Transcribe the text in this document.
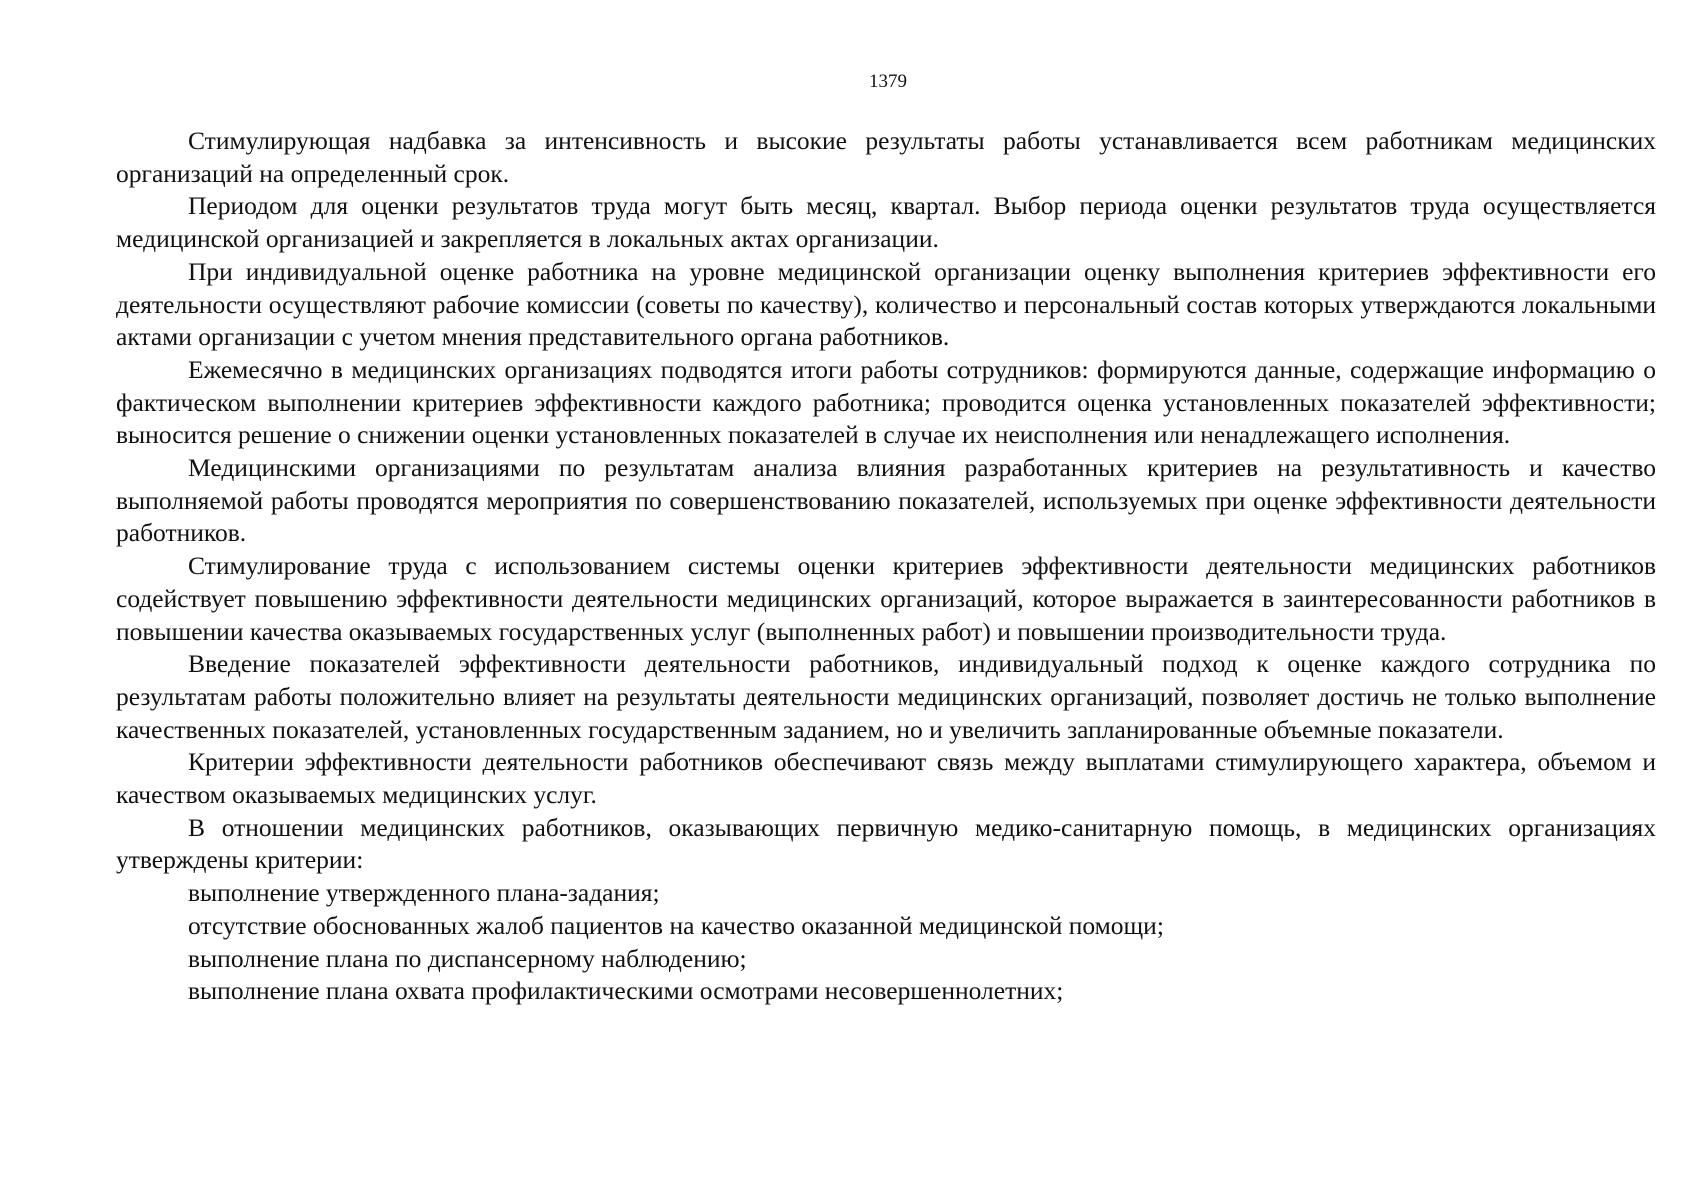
1379

Стимулирующая надбавка за интенсивность и высокие результаты работы устанавливается всем работникам медицинских организаций на определенный срок.

Периодом для оценки результатов труда могут быть месяц, квартал. Выбор периода оценки результатов труда осуществляется медицинской организацией и закрепляется в локальных актах организации.

При индивидуальной оценке работника на уровне медицинской организации оценку выполнения критериев эффективности его деятельности осуществляют рабочие комиссии (советы по качеству), количество и персональный состав которых утверждаются локальными актами организации с учетом мнения представительного органа работников.

Ежемесячно в медицинских организациях подводятся итоги работы сотрудников: формируются данные, содержащие информацию о фактическом выполнении критериев эффективности каждого работника; проводится оценка установленных показателей эффективности; выносится решение о снижении оценки установленных показателей в случае их неисполнения или ненадлежащего исполнения.

Медицинскими организациями по результатам анализа влияния разработанных критериев на результативность и качество выполняемой работы проводятся мероприятия по совершенствованию показателей, используемых при оценке эффективности деятельности работников.

Стимулирование труда с использованием системы оценки критериев эффективности деятельности медицинских работников содействует повышению эффективности деятельности медицинских организаций, которое выражается в заинтересованности работников в повышении качества оказываемых государственных услуг (выполненных работ) и повышении производительности труда.

Введение показателей эффективности деятельности работников, индивидуальный подход к оценке каждого сотрудника по результатам работы положительно влияет на результаты деятельности медицинских организаций, позволяет достичь не только выполнение качественных показателей, установленных государственным заданием, но и увеличить запланированные объемные показатели.

Критерии эффективности деятельности работников обеспечивают связь между выплатами стимулирующего характера, объемом и качеством оказываемых медицинских услуг.

В отношении медицинских работников, оказывающих первичную медико-санитарную помощь, в медицинских организациях утверждены критерии:

выполнение утвержденного плана-задания;

отсутствие обоснованных жалоб пациентов на качество оказанной медицинской помощи;

выполнение плана по диспансерному наблюдению;

выполнение плана охвата профилактическими осмотрами несовершеннолетних;
